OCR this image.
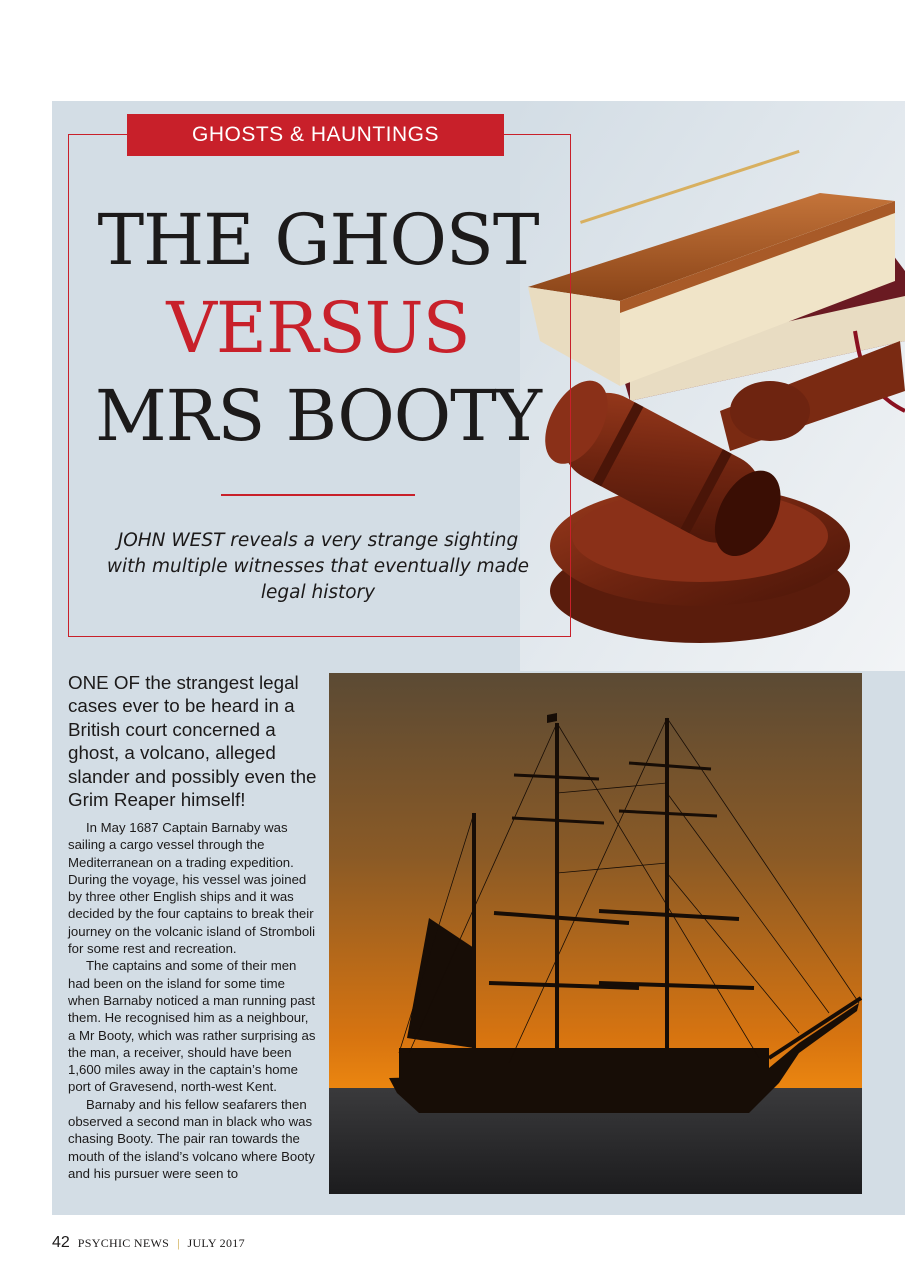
GHOSTS & HAUNTINGS
THE GHOST
VERSUS
MRS BOOTY
JOHN WEST reveals a very strange sighting with multiple witnesses that eventually made legal history
ONE OF the strangest legal cases ever to be heard in a British court concerned a ghost, a volcano, alleged slander and possibly even the Grim Reaper himself!

In May 1687 Captain Barnaby was sailing a cargo vessel through the Mediterranean on a trading expedition. During the voyage, his vessel was joined by three other English ships and it was decided by the four captains to break their journey on the volcanic island of Stromboli for some rest and recreation.

The captains and some of their men had been on the island for some time when Barnaby noticed a man running past them. He recognised him as a neighbour, a Mr Booty, which was rather surprising as the man, a receiver, should have been 1,600 miles away in the captain’s home port of Gravesend, north-west Kent.

Barnaby and his fellow seafarers then observed a second man in black who was chasing Booty. The pair ran towards the mouth of the island’s volcano where Booty and his pursuer were seen to

42 PSYCHIC NEWS | JULY 2017
